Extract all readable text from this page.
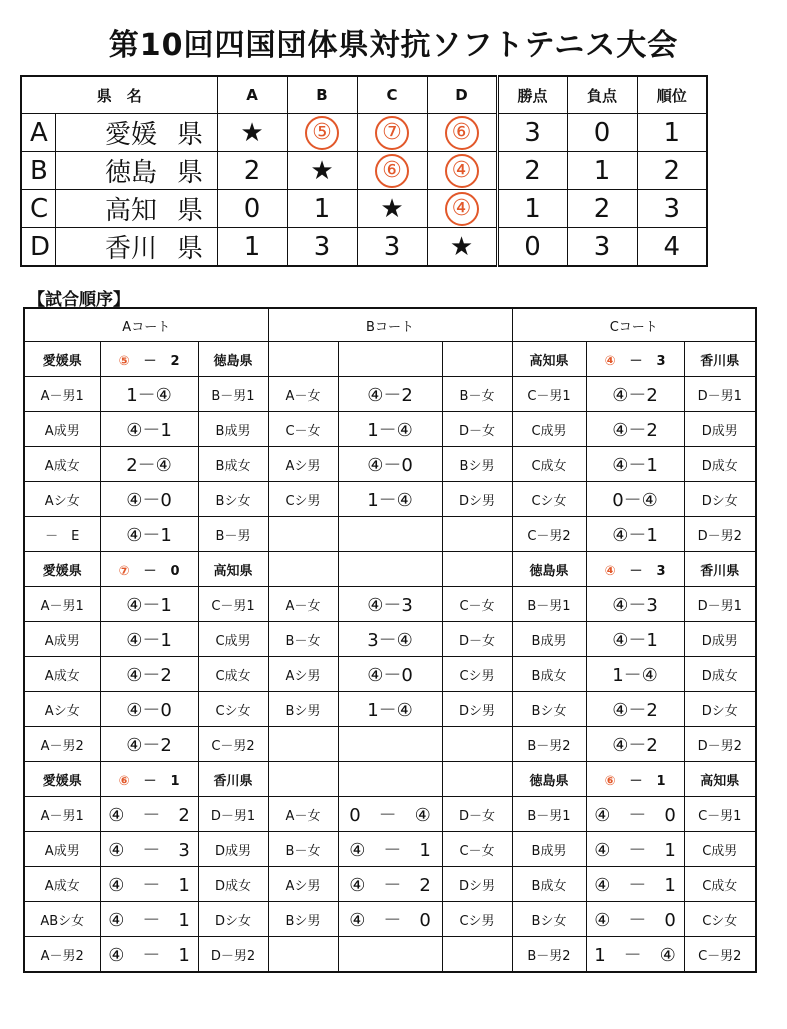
第10回四国団体県対抗ソフトテニス大会
県　名			A	B	C	D	勝点	負点	順位
A	愛媛	県	★	⑤	⑦	⑥	3	0	1
B	徳島	県	2	★	⑥	④	2	1	2
C	高知	県	0	1	★	④	1	2	3
D	香川	県	1	3	3	★	0	3	4
【試合順序】
Aコート			Bコート			Cコート		
愛媛県	⑤ － 2	徳島県				高知県	④ － 3	香川県
A－男1	1－④	B－男1	A－女	④－2	B－女	C－男1	④－2	D－男1
A成男	④－1	B成男	C－女	1－④	D－女	C成男	④－2	D成男
A成女	2－④	B成女	Aシ男	④－0	Bシ男	C成女	④－1	D成女
Aシ女	④－0	Bシ女	Cシ男	1－④	Dシ男	Cシ女	0－④	Dシ女
－　E	④－1	B－男				C－男2	④－1	D－男2
愛媛県	⑦ － 0	高知県				徳島県	④ － 3	香川県
A－男1	④－1	C－男1	A－女	④－3	C－女	B－男1	④－3	D－男1
A成男	④－1	C成男	B－女	3－④	D－女	B成男	④－1	D成男
A成女	④－2	C成女	Aシ男	④－0	Cシ男	B成女	1－④	D成女
Aシ女	④－0	Cシ女	Bシ男	1－④	Dシ男	Bシ女	④－2	Dシ女
A－男2	④－2	C－男2				B－男2	④－2	D－男2
愛媛県	⑥ － 1	香川県				徳島県	⑥ － 1	高知県
A－男1	④　－　2	D－男1	A－女	0　－　④	D－女	B－男1	④　－　0	C－男1
A成男	④　－　3	D成男	B－女	④　－　1	C－女	B成男	④　－　1	C成男
A成女	④　－　1	D成女	Aシ男	④　－　2	Dシ男	B成女	④　－　1	C成女
ABシ女	④　－　1	Dシ女	Bシ男	④　－　0	Cシ男	Bシ女	④　－　0	Cシ女
A－男2	④　－　1	D－男2				B－男2	1　－　④	C－男2
